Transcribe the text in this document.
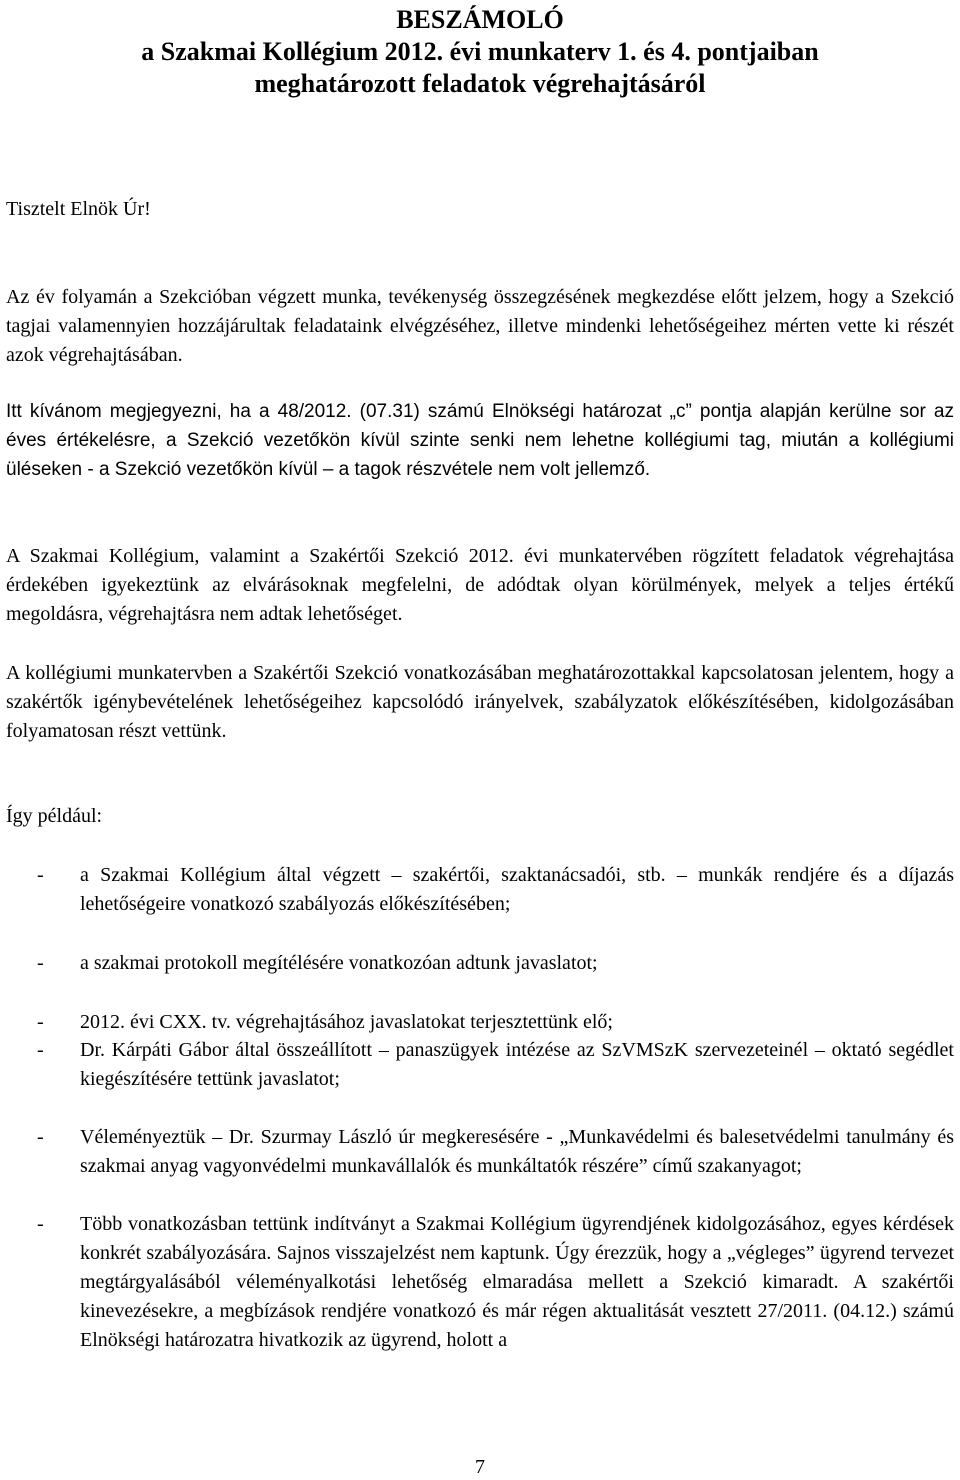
BESZÁMOLÓ
a Szakmai Kollégium 2012. évi munkaterv 1. és 4. pontjaiban
meghatározott feladatok végrehajtásáról

Tisztelt Elnök Úr!

Az év folyamán a Szekcióban végzett munka, tevékenység összegzésének megkezdése előtt jelzem, hogy a Szekció tagjai valamennyien hozzájárultak feladataink elvégzéséhez, illetve mindenki lehetőségeihez mérten vette ki részét azok végrehajtásában.

Itt kívánom megjegyezni, ha a 48/2012. (07.31) számú Elnökségi határozat „c” pontja alapján kerülne sor az éves értékelésre, a Szekció vezetőkön kívül szinte senki nem lehetne kollégiumi tag, miután a kollégiumi üléseken - a Szekció vezetőkön kívül – a tagok részvétele nem volt jellemző.

A Szakmai Kollégium, valamint a Szakértői Szekció 2012. évi munkatervében rögzített feladatok végrehajtása érdekében igyekeztünk az elvárásoknak megfelelni, de adódtak olyan körülmények, melyek a teljes értékű megoldásra, végrehajtásra nem adtak lehetőséget.

A kollégiumi munkatervben a Szakértői Szekció vonatkozásában meghatározottakkal kapcsolatosan jelentem, hogy a szakértők igénybevételének lehetőségeihez kapcsolódó irányelvek, szabályzatok előkészítésében, kidolgozásában folyamatosan részt vettünk.

Így például:

- a Szakmai Kollégium által végzett – szakértői, szaktanácsadói, stb. – munkák rendjére és a díjazás lehetőségeire vonatkozó szabályozás előkészítésében;
- a szakmai protokoll megítélésére vonatkozóan adtunk javaslatot;
- 2012. évi CXX. tv. végrehajtásához javaslatokat terjesztettünk elő;
- Dr. Kárpáti Gábor által összeállított – panaszügyek intézése az SzVMSzK szervezeteinél – oktató segédlet kiegészítésére tettünk javaslatot;
- Véleményeztük – Dr. Szurmay László úr megkeresésére - „Munkavédelmi és balesetvédelmi tanulmány és szakmai anyag vagyonvédelmi munkavállalók és munkáltatók részére” című szakanyagot;
- Több vonatkozásban tettünk indítványt a Szakmai Kollégium ügyrendjének kidolgozásához, egyes kérdések konkrét szabályozására. Sajnos visszajelzést nem kaptunk. Úgy érezzük, hogy a „végleges” ügyrend tervezet megtárgyalásából véleményalkotási lehetőség elmaradása mellett a Szekció kimaradt. A szakértői kinevezésekre, a megbízások rendjére vonatkozó és már régen aktualitását vesztett 27/2011. (04.12.) számú Elnökségi határozatra hivatkozik az ügyrend, holott a
7
